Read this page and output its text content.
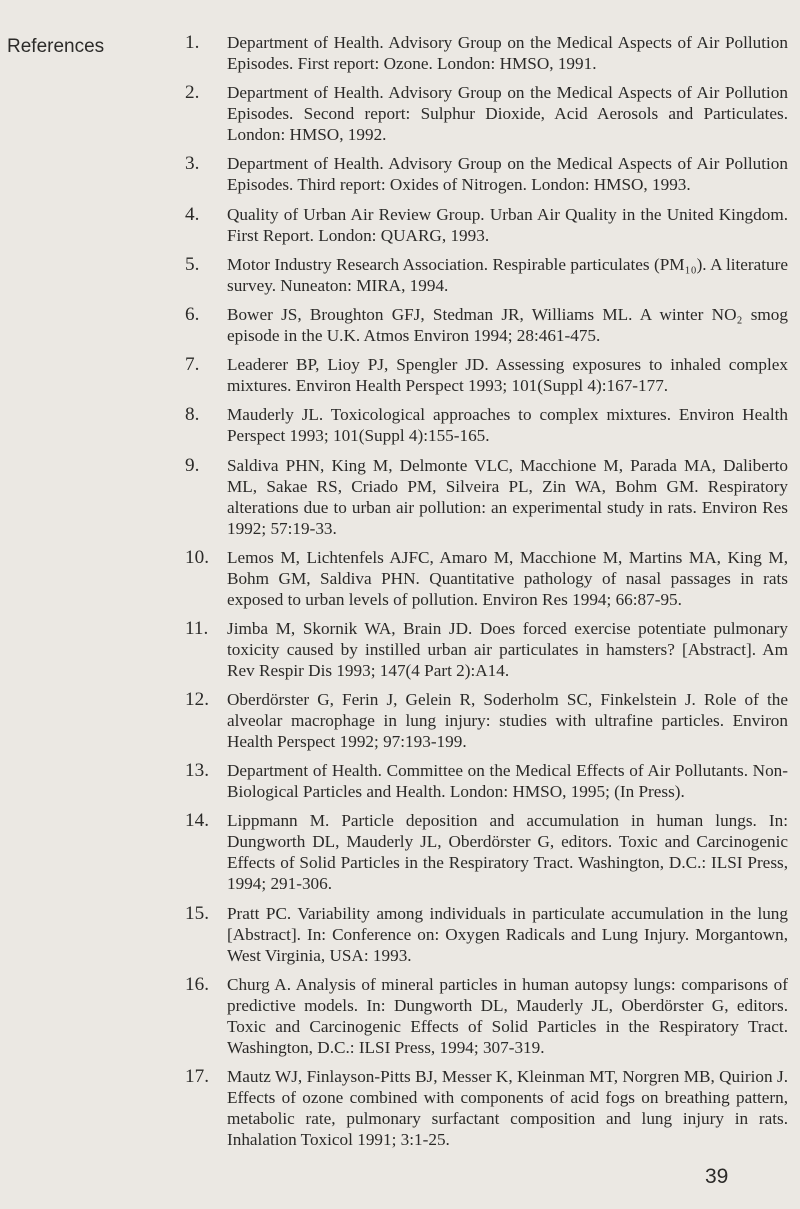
References	1.	Department of Health. Advisory Group on the Medical Aspects of Air Pollution Episodes. First report: Ozone. London: HMSO, 1991.
2.	Department of Health. Advisory Group on the Medical Aspects of Air Pollution Episodes. Second report: Sulphur Dioxide, Acid Aerosols and Particulates. London: HMSO, 1992.
3.	Department of Health. Advisory Group on the Medical Aspects of Air Pollution Episodes. Third report: Oxides of Nitrogen. London: HMSO, 1993.
4.	Quality of Urban Air Review Group. Urban Air Quality in the United Kingdom. First Report. London: QUARG, 1993.
5.	Motor Industry Research Association. Respirable particulates (PM₁₀). A literature survey. Nuneaton: MIRA, 1994.
6.	Bower JS, Broughton GFJ, Stedman JR, Williams ML. A winter NO₂ smog episode in the U.K. Atmos Environ 1994; 28:461-475.
7.	Leaderer BP, Lioy PJ, Spengler JD. Assessing exposures to inhaled complex mixtures. Environ Health Perspect 1993; 101(Suppl 4):167-177.
8.	Mauderly JL. Toxicological approaches to complex mixtures. Environ Health Perspect 1993; 101(Suppl 4):155-165.
9.	Saldiva PHN, King M, Delmonte VLC, Macchione M, Parada MA, Daliberto ML, Sakae RS, Criado PM, Silveira PL, Zin WA, Bohm GM. Respiratory alterations due to urban air pollution: an experimental study in rats. Environ Res 1992; 57:19-33.
10.	Lemos M, Lichtenfels AJFC, Amaro M, Macchione M, Martins MA, King M, Bohm GM, Saldiva PHN. Quantitative pathology of nasal passages in rats exposed to urban levels of pollution. Environ Res 1994; 66:87-95.
11.	Jimba M, Skornik WA, Brain JD. Does forced exercise potentiate pulmonary toxicity caused by instilled urban air particulates in hamsters? [Abstract]. Am Rev Respir Dis 1993; 147(4 Part 2):A14.
12.	Oberdörster G, Ferin J, Gelein R, Soderholm SC, Finkelstein J. Role of the alveolar macrophage in lung injury: studies with ultrafine particles. Environ Health Perspect 1992; 97:193-199.
13.	Department of Health. Committee on the Medical Effects of Air Pollutants. Non-Biological Particles and Health. London: HMSO, 1995; (In Press).
14.	Lippmann M. Particle deposition and accumulation in human lungs. In: Dungworth DL, Mauderly JL, Oberdörster G, editors. Toxic and Carcinogenic Effects of Solid Particles in the Respiratory Tract. Washington, D.C.: ILSI Press, 1994; 291-306.
15.	Pratt PC. Variability among individuals in particulate accumulation in the lung [Abstract]. In: Conference on: Oxygen Radicals and Lung Injury. Morgantown, West Virginia, USA: 1993.
16.	Churg A. Analysis of mineral particles in human autopsy lungs: comparisons of predictive models. In: Dungworth DL, Mauderly JL, Oberdörster G, editors. Toxic and Carcinogenic Effects of Solid Particles in the Respiratory Tract. Washington, D.C.: ILSI Press, 1994; 307-319.
17.	Mautz WJ, Finlayson-Pitts BJ, Messer K, Kleinman MT, Norgren MB, Quirion J. Effects of ozone combined with components of acid fogs on breathing pattern, metabolic rate, pulmonary surfactant composition and lung injury in rats. Inhalation Toxicol 1991; 3:1-25.
39
